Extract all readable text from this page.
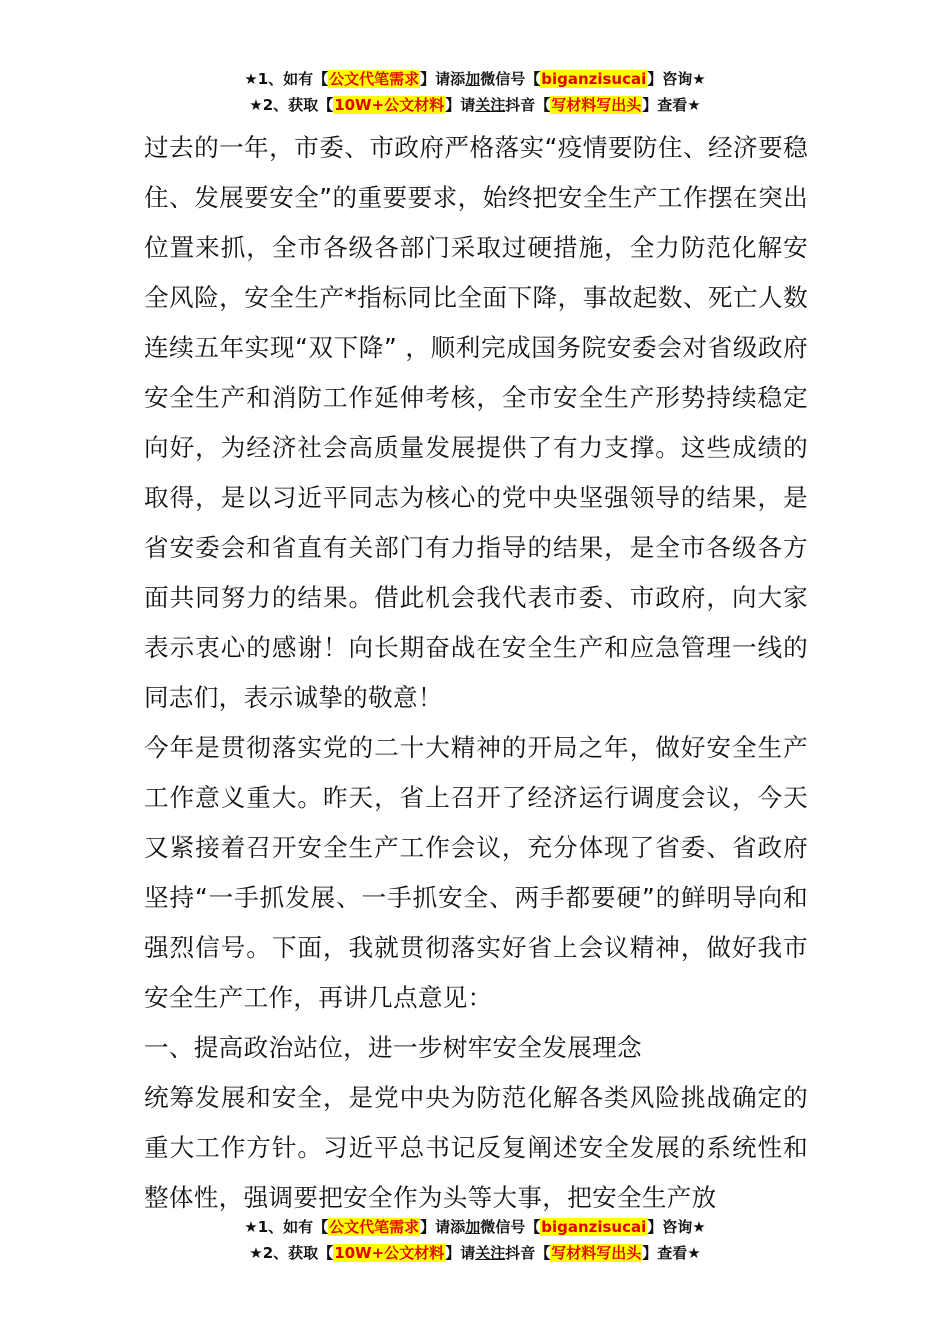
★1、如有【公文代笔需求】请添加微信号【biganzisucai】咨询★
★2、获取【10W+公文材料】请关注抖音【写材料写出头】查看★

过去的一年，市委、市政府严格落实“疫情要防住、经济要稳住、发展要安全”的重要要求，始终把安全生产工作摆在突出位置来抓，全市各级各部门采取过硬措施，全力防范化解安全风险，安全生产*指标同比全面下降，事故起数、死亡人数连续五年实现“双下降” ，顺利完成国务院安委会对省级政府安全生产和消防工作延伸考核，全市安全生产形势持续稳定向好，为经济社会高质量发展提供了有力支撑。这些成绩的取得，是以习近平同志为核心的党中央坚强领导的结果，是省安委会和省直有关部门有力指导的结果，是全市各级各方面共同努力的结果。借此机会我代表市委、市政府，向大家表示衷心的感谢！向长期奋战在安全生产和应急管理一线的同志们，表示诚挚的敬意！

今年是贯彻落实党的二十大精神的开局之年，做好安全生产工作意义重大。昨天，省上召开了经济运行调度会议，今天又紧接着召开安全生产工作会议，充分体现了省委、省政府坚持“一手抓发展、一手抓安全、两手都要硬”的鲜明导向和强烈信号。下面，我就贯彻落实好省上会议精神，做好我市安全生产工作，再讲几点意见：

一、提高政治站位，进一步树牢安全发展理念

统筹发展和安全，是党中央为防范化解各类风险挑战确定的重大工作方针。习近平总书记反复阐述安全发展的系统性和整体性，强调要把安全作为头等大事，把安全生产放

★1、如有【公文代笔需求】请添加微信号【biganzisucai】咨询★
★2、获取【10W+公文材料】请关注抖音【写材料写出头】查看★
